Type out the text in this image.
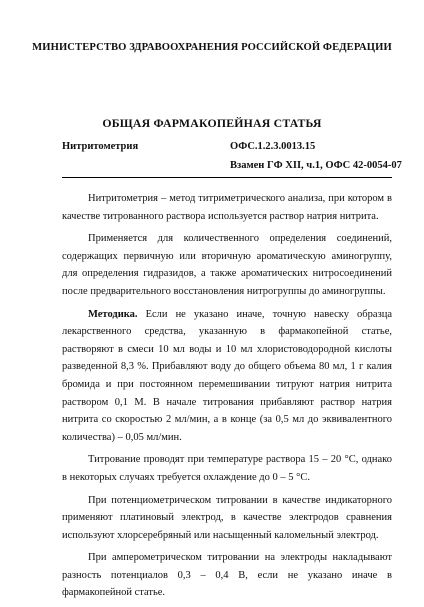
МИНИСТЕРСТВО ЗДРАВООХРАНЕНИЯ РОССИЙСКОЙ ФЕДЕРАЦИИ
ОБЩАЯ ФАРМАКОПЕЙНАЯ СТАТЬЯ
Нитритометрия	ОФС.1.2.3.0013.15
Взамен ГФ XII, ч.1, ОФС 42-0054-07

Нитритометрия – метод титриметрического анализа, при котором в качестве титрованного раствора используется раствор натрия нитрита.

Применяется для количественного определения соединений, содержащих первичную или вторичную ароматическую аминогруппу, для определения гидразидов, а также ароматических нитросоединений после предварительного восстановления нитрогруппы до аминогруппы.

Методика. Если не указано иначе, точную навеску образца лекарственного средства, указанную в фармакопейной статье, растворяют в смеси 10 мл воды и 10 мл хлористоводородной кислоты разведенной 8,3 %. Прибавляют воду до общего объема 80 мл, 1 г калия бромида и при постоянном перемешивании титруют натрия нитрита раствором 0,1 М. В начале титрования прибавляют раствор натрия нитрита со скоростью 2 мл/мин, а в конце (за 0,5 мл до эквивалентного количества) – 0,05 мл/мин.

Титрование проводят при температуре раствора 15 – 20 °С, однако в некоторых случаях требуется охлаждение до 0 – 5 °С.

При потенциометрическом титровании в качестве индикаторного применяют платиновый электрод, в качестве электродов сравнения используют хлорсеребряный или насыщенный каломельный электрод.

При амперометрическом титровании на электроды накладывают разность потенциалов 0,3 – 0,4 В, если не указано иначе в фармакопейной статье.
